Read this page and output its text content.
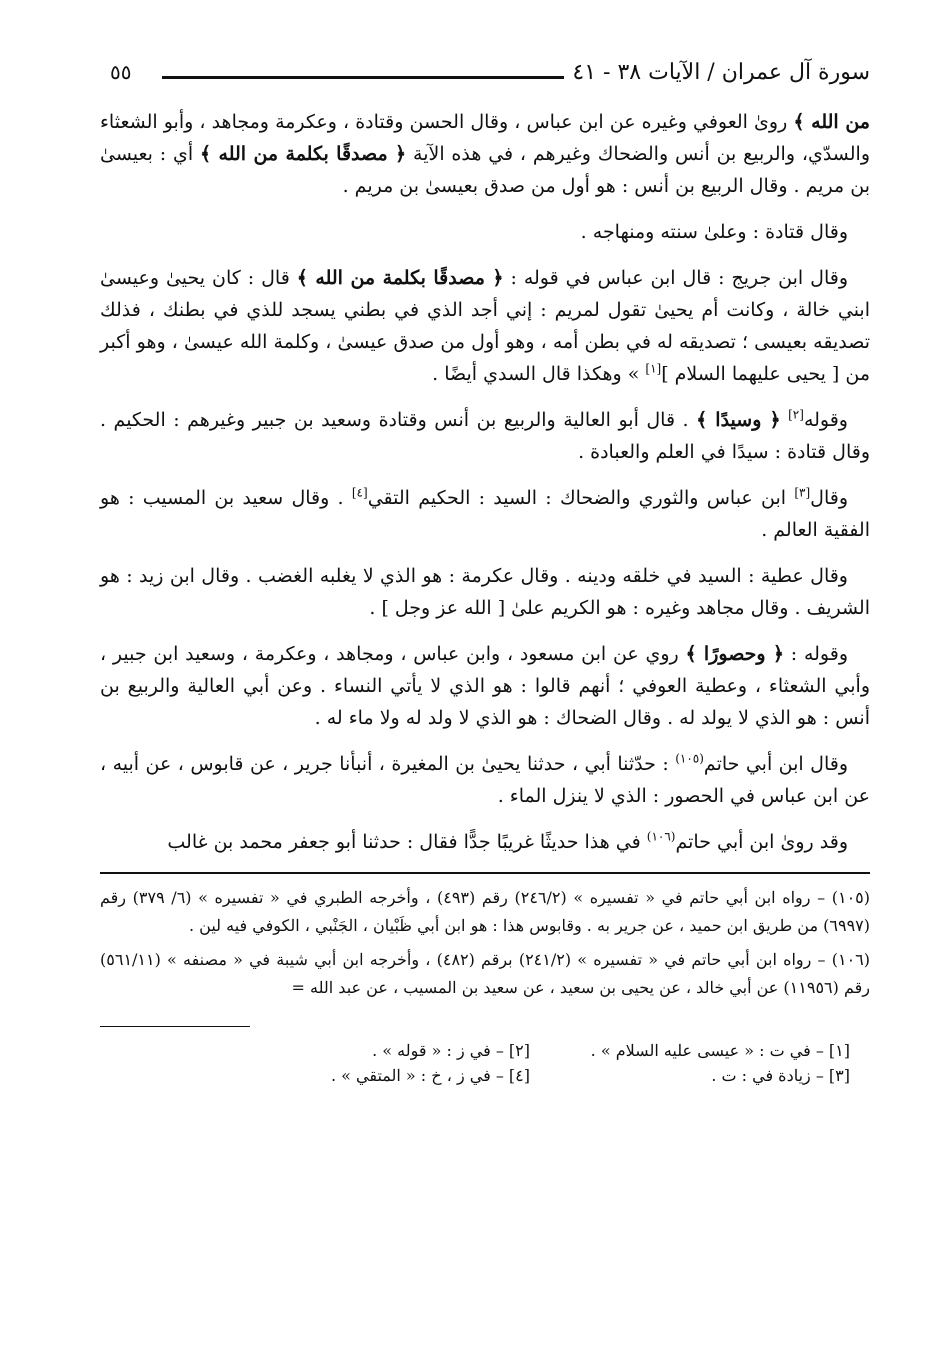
سورة آل عمران / الآيات ٣٨ - ٤١
٥٥

من الله ﴾ روىٰ العوفي وغيره عن ابن عباس ، وقال الحسن وقتادة ، وعكرمة ومجاهد ، وأبو الشعثاء والسدّي، والربيع بن أنس والضحاك وغيرهم ، في هذه الآية ﴿ مصدقًا بكلمة من الله ﴾ أي : بعيسىٰ بن مريم . وقال الربيع بن أنس : هو أول من صدق بعيسىٰ بن مريم .

وقال قتادة : وعلىٰ سنته ومنهاجه .

وقال ابن جريج : قال ابن عباس في قوله : ﴿ مصدقًا بكلمة من الله ﴾ قال : كان يحيىٰ وعيسىٰ ابني خالة ، وكانت أم يحيىٰ تقول لمريم : إني أجد الذي في بطني يسجد للذي في بطنك ، فذلك تصديقه بعيسى ؛ تصديقه له في بطن أمه ، وهو أول من صدق عيسىٰ ، وكلمة الله عيسىٰ ، وهو أكبر من [ يحيى عليهما السلام ][١] » وهكذا قال السدي أيضًا .

وقوله[٢] ﴿ وسيدًا ﴾ . قال أبو العالية والربيع بن أنس وقتادة وسعيد بن جبير وغيرهم : الحكيم . وقال قتادة : سيدًا في العلم والعبادة .

وقال[٣] ابن عباس والثوري والضحاك : السيد : الحكيم التقي[٤] . وقال سعيد بن المسيب : هو الفقية العالم .

وقال عطية : السيد في خلقه ودينه . وقال عكرمة : هو الذي لا يغلبه الغضب . وقال ابن زيد : هو الشريف . وقال مجاهد وغيره : هو الكريم علىٰ [ الله عز وجل ] .

وقوله : ﴿ وحصورًا ﴾ روي عن ابن مسعود ، وابن عباس ، ومجاهد ، وعكرمة ، وسعيد ابن جبير ، وأبي الشعثاء ، وعطية العوفي ؛ أنهم قالوا : هو الذي لا يأتي النساء . وعن أبي العالية والربيع بن أنس : هو الذي لا يولد له . وقال الضحاك : هو الذي لا ولد له ولا ماء له .

وقال ابن أبي حاتم$^{(١٠٥)}$ : حدّثنا أبي ، حدثنا يحيىٰ بن المغيرة ، أنبأنا جرير ، عن قابوس ، عن أبيه ، عن ابن عباس في الحصور : الذي لا ينزل الماء .

وقد روىٰ ابن أبي حاتم$^{(١٠٦)}$ في هذا حديثًا غريبًا جدًّا فقال : حدثنا أبو جعفر محمد بن غالب

(١٠٥) – رواه ابن أبي حاتم في « تفسيره » (٢٤٦/٢) رقم (٤٩٣) ، وأخرجه الطبري في « تفسيره » (٦/ ٣٧٩) رقم (٦٩٩٧) من طريق ابن حميد ، عن جرير به . وقابوس هذا : هو ابن أبي ظَبْيان ، الجَنْبي ، الكوفي فيه لين .

(١٠٦) – رواه ابن أبي حاتم في « تفسيره » (٢٤١/٢) برقم (٤٨٢) ، وأخرجه ابن أبي شيبة في « مصنفه » (٥٦١/١١) رقم (١١٩٥٦) عن أبي خالد ، عن يحيى بن سعيد ، عن سعيد بن المسيب ، عن عبد الله =

[١] – في ت : « عيسى عليه السلام » .
[٢] – في ز : « قوله » .
[٣] – زيادة في : ت .
[٤] – في ز ، خ : « المتقي » .
